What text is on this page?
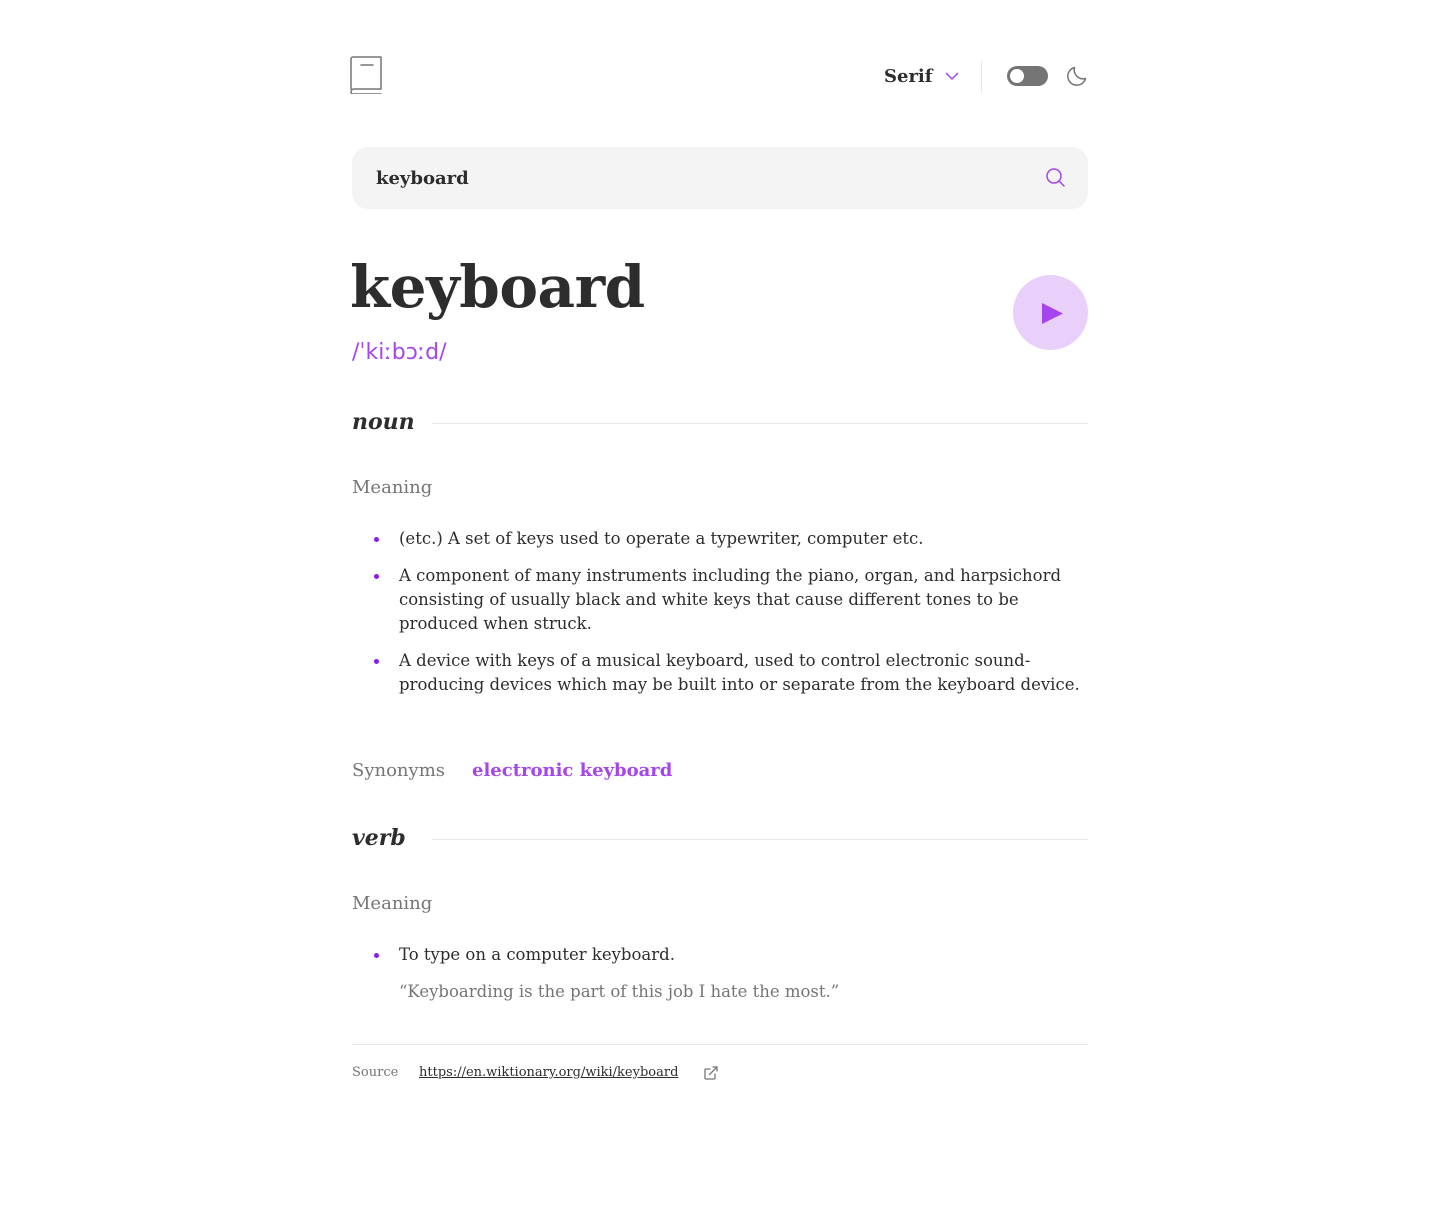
Serif
keyboard
keyboard
/ˈkiːbɔːd/
noun
Meaning
(etc.) A set of keys used to operate a typewriter, computer etc.
A component of many instruments including the piano, organ, and harpsichord consisting of usually black and white keys that cause different tones to be produced when struck.
A device with keys of a musical keyboard, used to control electronic sound-producing devices which may be built into or separate from the keyboard device.
Synonyms electronic keyboard
verb
Meaning
To type on a computer keyboard.
“Keyboarding is the part of this job I hate the most.”
Source https://en.wiktionary.org/wiki/keyboard
